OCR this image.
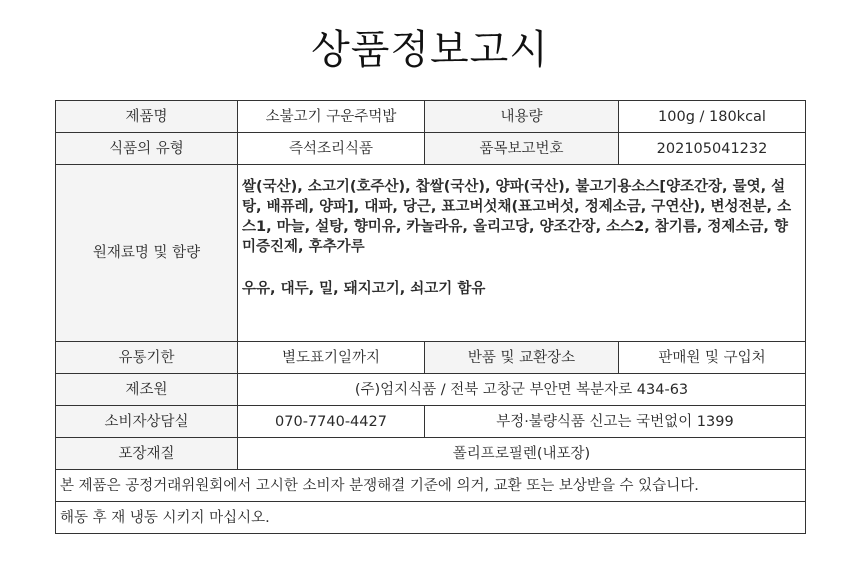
상품정보고시
제품명	소불고기 구운주먹밥	내용량	100g / 180kcal
식품의 유형	즉석조리식품	품목보고번호	202105041232
원재료명 및 함량	쌀(국산), 소고기(호주산), 찹쌀(국산), 양파(국산), 불고기용소스[양조간장, 물엿, 설탕, 배퓨레, 양파], 대파, 당근, 표고버섯채(표고버섯, 정제소금, 구연산), 변성전분, 소스1, 마늘, 설탕, 향미유, 카놀라유, 올리고당, 양조간장, 소스2, 참기름, 정제소금, 향미증진제, 후추가루
우유, 대두, 밀, 돼지고기, 쇠고기 함유		

유통기한	별도표기일까지	반품 및 교환장소	판매원 및 구입처
제조원	(주)엄지식품 / 전북 고창군 부안면 복분자로 434-63		
소비자상담실	070-7740-4427	부정·불량식품 신고는 국번없이 1399	
포장재질	폴리프로필렌(내포장)		
본 제품은 공정거래위원회에서 고시한 소비자 분쟁해결 기준에 의거, 교환 또는 보상받을 수 있습니다.			
해동 후 재 냉동 시키지 마십시오.			
